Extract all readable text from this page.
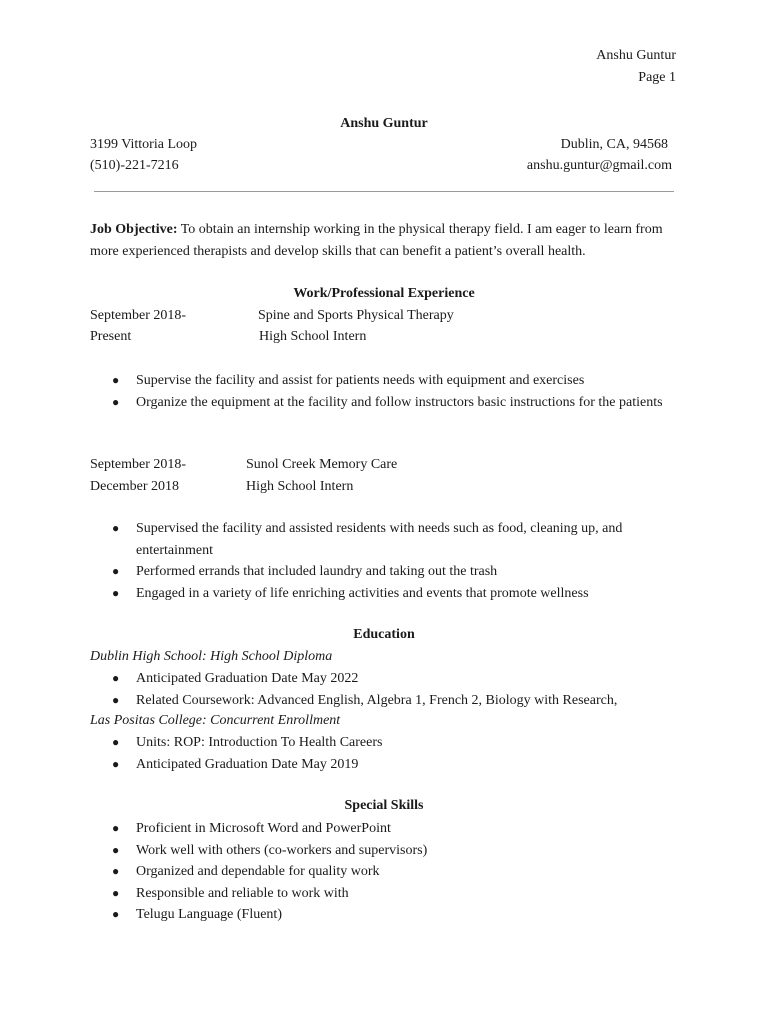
Anshu Guntur
Page 1
Anshu Guntur
3199 Vittoria Loop	Dublin, CA, 94568
(510)-221-7216	anshu.guntur@gmail.com
Job Objective: To obtain an internship working in the physical therapy field. I am eager to learn from more experienced therapists and develop skills that can benefit a patient’s overall health.
Work/Professional Experience
September 2018-
Present
Spine and Sports Physical Therapy
High School Intern
● Supervise the facility and assist for patients needs with equipment and exercises
● Organize the equipment at the facility and follow instructors basic instructions for the patients
September 2018-
December 2018
Sunol Creek Memory Care
High School Intern
● Supervised the facility and assisted residents with needs such as food, cleaning up, and entertainment
● Performed errands that included laundry and taking out the trash
● Engaged in a variety of life enriching activities and events that promote wellness
Education
Dublin High School: High School Diploma
● Anticipated Graduation Date May 2022
● Related Coursework: Advanced English, Algebra 1, French 2, Biology with Research,
Las Positas College: Concurrent Enrollment
● Units: ROP: Introduction To Health Careers
● Anticipated Graduation Date May 2019
Special Skills
● Proficient in Microsoft Word and PowerPoint
● Work well with others (co-workers and supervisors)
● Organized and dependable for quality work
● Responsible and reliable to work with
● Telugu Language (Fluent)
